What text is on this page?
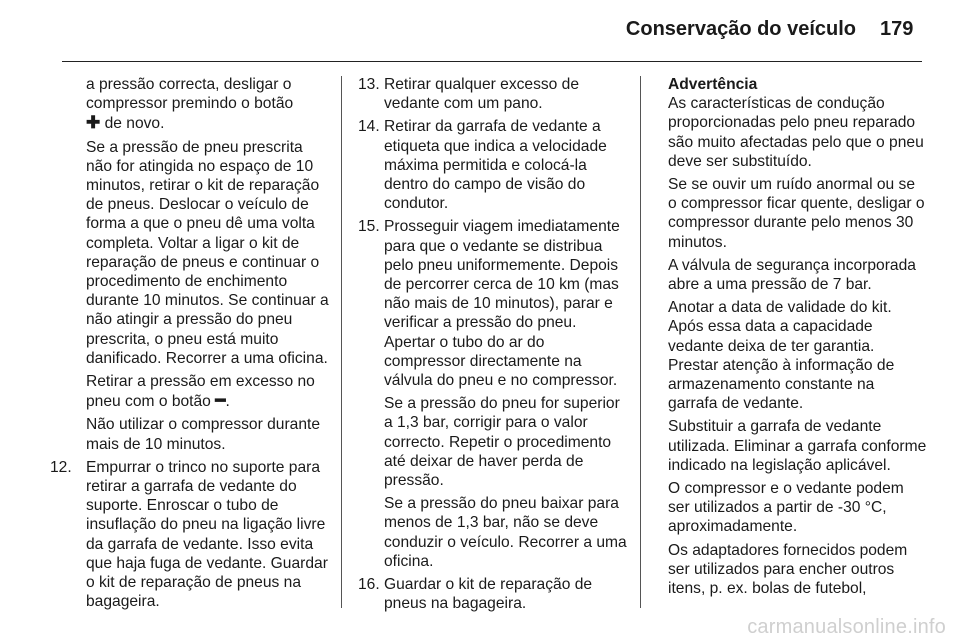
Conservação do veículo 179

a pressão correcta, desligar o compressor premindo o botão
✚ de novo.

Se a pressão de pneu prescrita não for atingida no espaço de 10 minutos, retirar o kit de reparação de pneus. Deslocar o veículo de forma a que o pneu dê uma volta completa. Voltar a ligar o kit de reparação de pneus e continuar o procedimento de enchimento durante 10 minutos. Se continuar a não atingir a pressão do pneu prescrita, o pneu está muito danificado. Recorrer a uma oficina.

Retirar a pressão em excesso no pneu com o botão ━.

Não utilizar o compressor durante mais de 10 minutos.

12. Empurrar o trinco no suporte para retirar a garrafa de vedante do suporte. Enroscar o tubo de insuflação do pneu na ligação livre da garrafa de vedante. Isso evita que haja fuga de vedante. Guardar o kit de reparação de pneus na bagageira.
13. Retirar qualquer excesso de vedante com um pano.
14. Retirar da garrafa de vedante a etiqueta que indica a velocidade máxima permitida e colocá-la dentro do campo de visão do condutor.
15. Prosseguir viagem imediatamente para que o vedante se distribua pelo pneu uniformemente. Depois de percorrer cerca de 10 km (mas não mais de 10 minutos), parar e verificar a pressão do pneu. Apertar o tubo do ar do compressor directamente na válvula do pneu e no compressor.

Se a pressão do pneu for superior a 1,3 bar, corrigir para o valor correcto. Repetir o procedimento até deixar de haver perda de pressão.

Se a pressão do pneu baixar para menos de 1,3 bar, não se deve conduzir o veículo. Recorrer a uma oficina.

16. Guardar o kit de reparação de pneus na bagageira.
Advertência

As características de condução proporcionadas pelo pneu reparado são muito afectadas pelo que o pneu deve ser substituído.

Se se ouvir um ruído anormal ou se o compressor ficar quente, desligar o compressor durante pelo menos 30 minutos.

A válvula de segurança incorporada abre a uma pressão de 7 bar.

Anotar a data de validade do kit. Após essa data a capacidade vedante deixa de ter garantia. Prestar atenção à informação de armazenamento constante na garrafa de vedante.

Substituir a garrafa de vedante utilizada. Eliminar a garrafa conforme indicado na legislação aplicável.

O compressor e o vedante podem ser utilizados a partir de -30 °C, aproximadamente.

Os adaptadores fornecidos podem ser utilizados para encher outros itens, p. ex. bolas de futebol,

carmanualsonline.info
